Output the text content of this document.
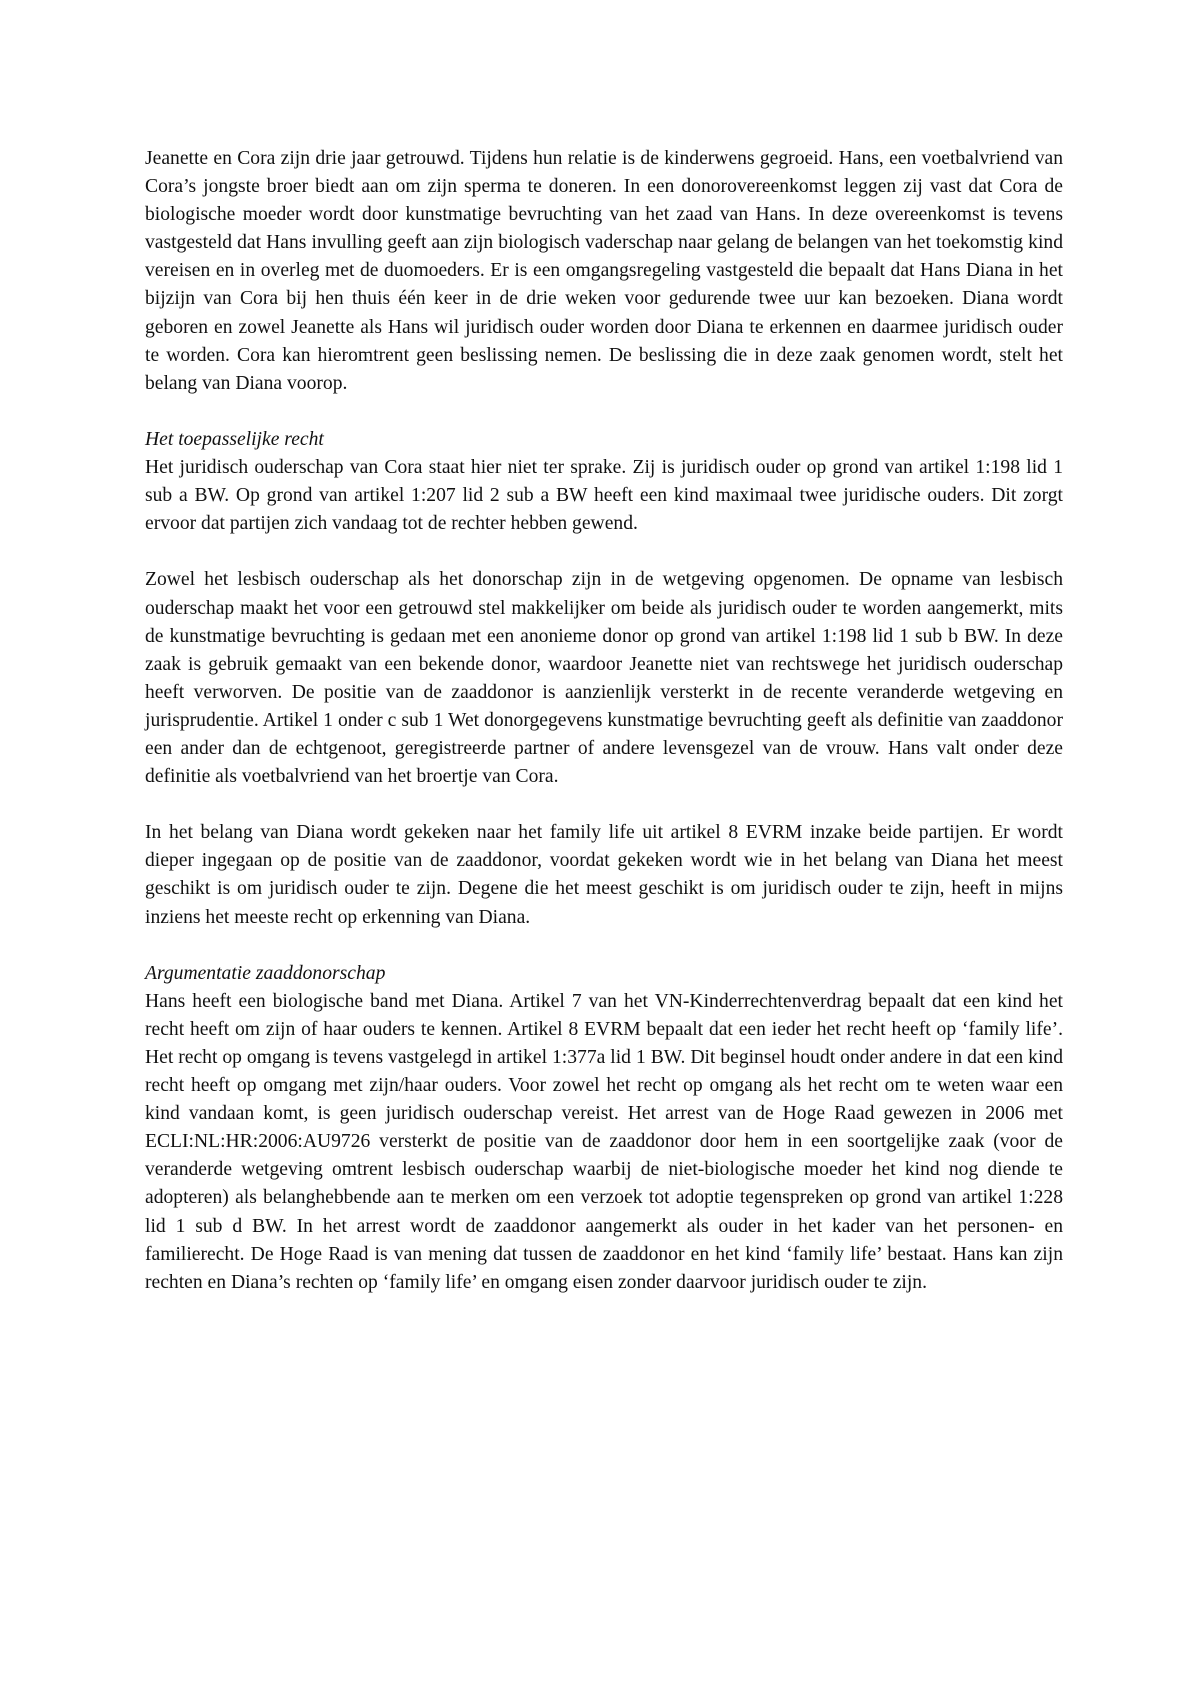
Jeanette en Cora zijn drie jaar getrouwd. Tijdens hun relatie is de kinderwens gegroeid. Hans, een voetbalvriend van Cora’s jongste broer biedt aan om zijn sperma te doneren. In een donorovereenkomst leggen zij vast dat Cora de biologische moeder wordt door kunstmatige bevruchting van het zaad van Hans. In deze overeenkomst is tevens vastgesteld dat Hans invulling geeft aan zijn biologisch vaderschap naar gelang de belangen van het toekomstig kind vereisen en in overleg met de duomoeders. Er is een omgangsregeling vastgesteld die bepaalt dat Hans Diana in het bijzijn van Cora bij hen thuis één keer in de drie weken voor gedurende twee uur kan bezoeken. Diana wordt geboren en zowel Jeanette als Hans wil juridisch ouder worden door Diana te erkennen en daarmee juridisch ouder te worden. Cora kan hieromtrent geen beslissing nemen. De beslissing die in deze zaak genomen wordt, stelt het belang van Diana voorop.

Het toepasselijke recht
Het juridisch ouderschap van Cora staat hier niet ter sprake. Zij is juridisch ouder op grond van artikel 1:198 lid 1 sub a BW. Op grond van artikel 1:207 lid 2 sub a BW heeft een kind maximaal twee juridische ouders. Dit zorgt ervoor dat partijen zich vandaag tot de rechter hebben gewend.

Zowel het lesbisch ouderschap als het donorschap zijn in de wetgeving opgenomen. De opname van lesbisch ouderschap maakt het voor een getrouwd stel makkelijker om beide als juridisch ouder te worden aangemerkt, mits de kunstmatige bevruchting is gedaan met een anonieme donor op grond van artikel 1:198 lid 1 sub b BW. In deze zaak is gebruik gemaakt van een bekende donor, waardoor Jeanette niet van rechtswege het juridisch ouderschap heeft verworven. De positie van de zaaddonor is aanzienlijk versterkt in de recente veranderde wetgeving en jurisprudentie. Artikel 1 onder c sub 1 Wet donorgegevens kunstmatige bevruchting geeft als definitie van zaaddonor een ander dan de echtgenoot, geregistreerde partner of andere levensgezel van de vrouw. Hans valt onder deze definitie als voetbalvriend van het broertje van Cora.

In het belang van Diana wordt gekeken naar het family life uit artikel 8 EVRM inzake beide partijen. Er wordt dieper ingegaan op de positie van de zaaddonor, voordat gekeken wordt wie in het belang van Diana het meest geschikt is om juridisch ouder te zijn. Degene die het meest geschikt is om juridisch ouder te zijn, heeft in mijns inziens het meeste recht op erkenning van Diana.

Argumentatie zaaddonorschap
Hans heeft een biologische band met Diana. Artikel 7 van het VN-Kinderrechtenverdrag bepaalt dat een kind het recht heeft om zijn of haar ouders te kennen. Artikel 8 EVRM bepaalt dat een ieder het recht heeft op ‘family life’. Het recht op omgang is tevens vastgelegd in artikel 1:377a lid 1 BW. Dit beginsel houdt onder andere in dat een kind recht heeft op omgang met zijn/haar ouders. Voor zowel het recht op omgang als het recht om te weten waar een kind vandaan komt, is geen juridisch ouderschap vereist. Het arrest van de Hoge Raad gewezen in 2006 met ECLI:NL:HR:2006:AU9726 versterkt de positie van de zaaddonor door hem in een soortgelijke zaak (voor de veranderde wetgeving omtrent lesbisch ouderschap waarbij de niet-biologische moeder het kind nog diende te adopteren) als belanghebbende aan te merken om een verzoek tot adoptie tegenspreken op grond van artikel 1:228 lid 1 sub d BW. In het arrest wordt de zaaddonor aangemerkt als ouder in het kader van het personen- en familierecht. De Hoge Raad is van mening dat tussen de zaaddonor en het kind ‘family life’ bestaat. Hans kan zijn rechten en Diana’s rechten op ‘family life’ en omgang eisen zonder daarvoor juridisch ouder te zijn.
